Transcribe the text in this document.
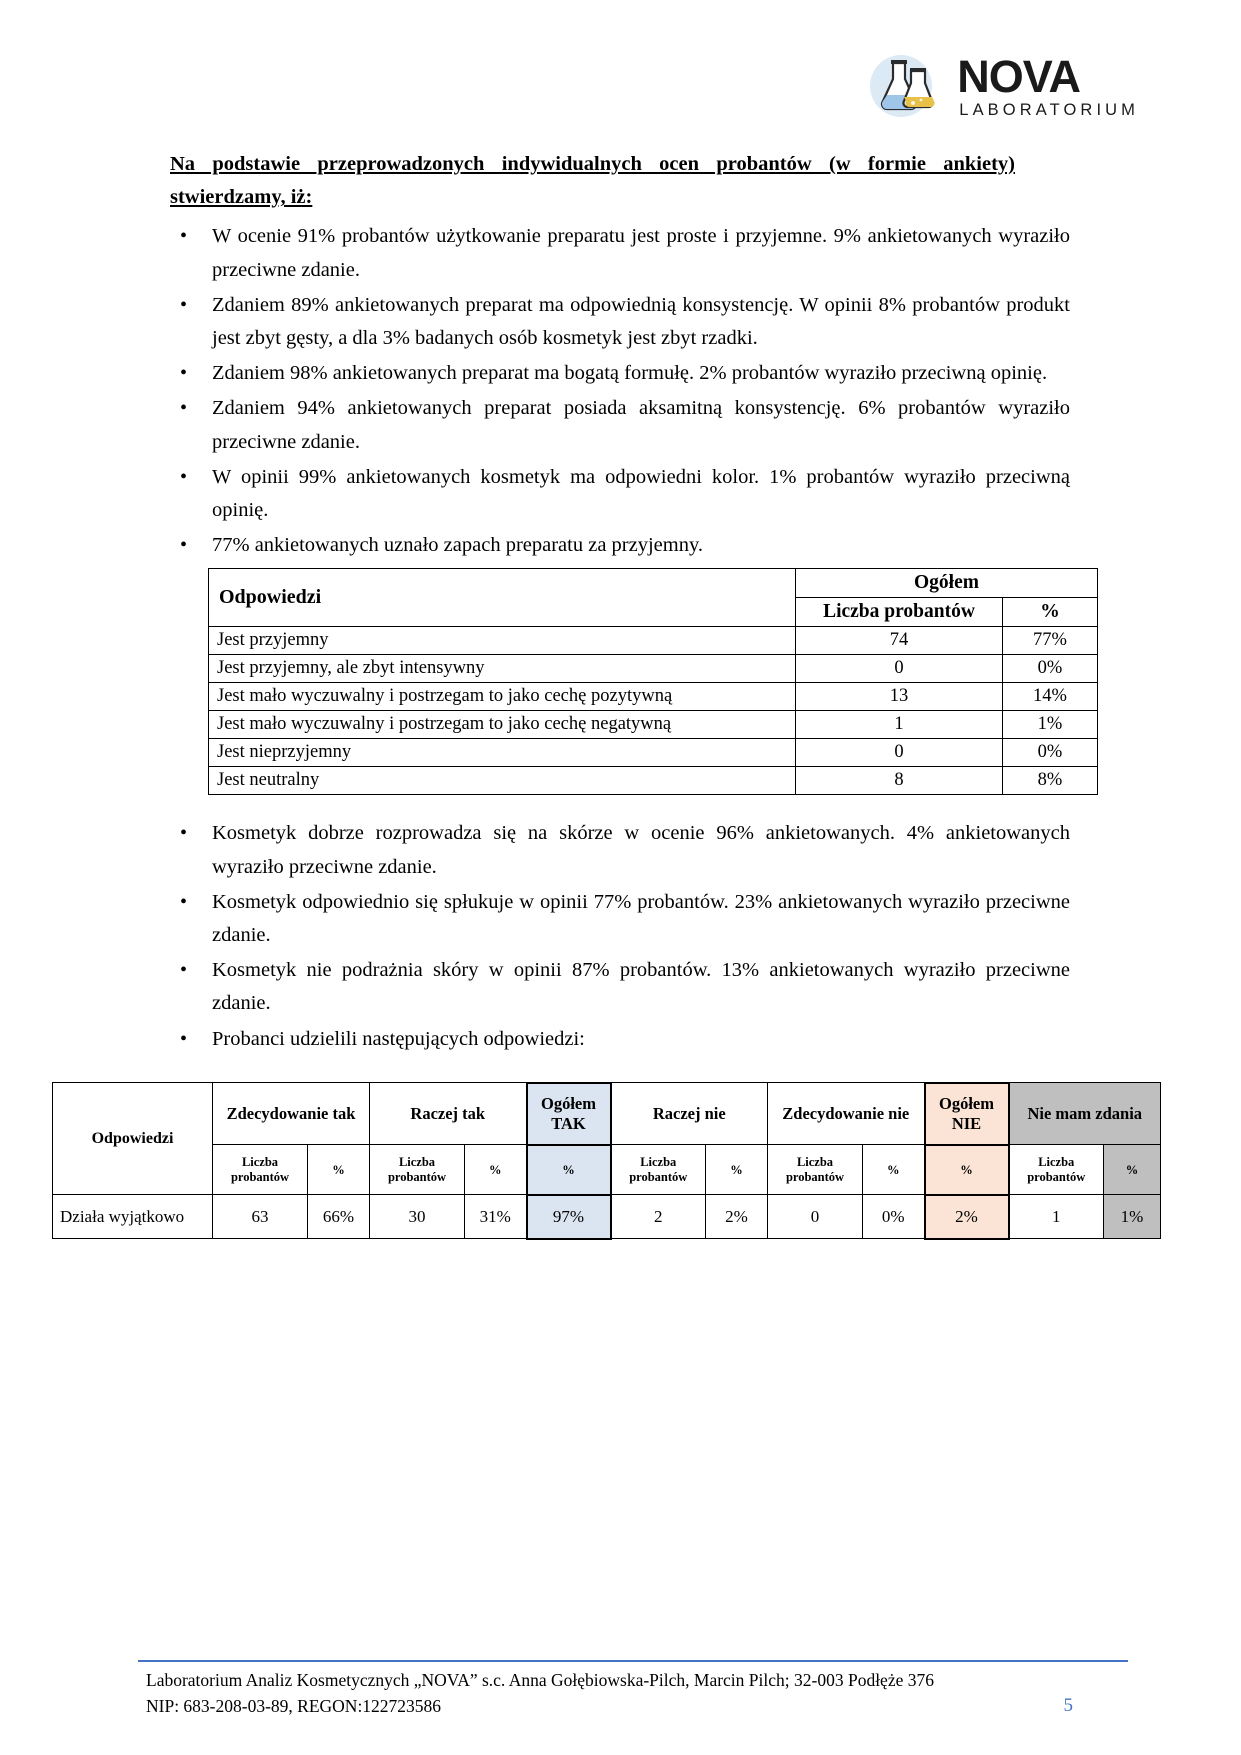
NOVA
LABORATORIUM
Na podstawie przeprowadzonych indywidualnych ocen probantów (w formie ankiety) stwierdzamy, iż:
• W ocenie 91% probantów użytkowanie preparatu jest proste i przyjemne. 9% ankietowanych wyraziło przeciwne zdanie.
• Zdaniem 89% ankietowanych preparat ma odpowiednią konsystencję. W opinii 8% probantów produkt jest zbyt gęsty, a dla 3% badanych osób kosmetyk jest zbyt rzadki.
• Zdaniem 98% ankietowanych preparat ma bogatą formułę. 2% probantów wyraziło przeciwną opinię.
• Zdaniem 94% ankietowanych preparat posiada aksamitną konsystencję. 6% probantów wyraziło przeciwne zdanie.
• W opinii 99% ankietowanych kosmetyk ma odpowiedni kolor. 1% probantów wyraziło przeciwną opinię.
• 77% ankietowanych uznało zapach preparatu za przyjemny.
Odpowiedzi	Ogółem	
	Liczba probantów	%
Jest przyjemny	74	77%
Jest przyjemny, ale zbyt intensywny	0	0%
Jest mało wyczuwalny i postrzegam to jako cechę pozytywną	13	14%
Jest mało wyczuwalny i postrzegam to jako cechę negatywną	1	1%
Jest nieprzyjemny	0	0%
Jest neutralny	8	8%
• Kosmetyk dobrze rozprowadza się na skórze w ocenie 96% ankietowanych. 4% ankietowanych wyraziło przeciwne zdanie.
• Kosmetyk odpowiednio się spłukuje w opinii 77% probantów. 23% ankietowanych wyraziło przeciwne zdanie.
• Kosmetyk nie podrażnia skóry w opinii 87% probantów. 13% ankietowanych wyraziło przeciwne zdanie.
• Probanci udzielili następujących odpowiedzi:
Odpowiedzi	Zdecydowanie tak		Raczej tak		Ogółem TAK	Raczej nie		Zdecydowanie nie		Ogółem NIE	Nie mam zdania	
	Liczba probantów	%	Liczba probantów	%	%	Liczba probantów	%	Liczba probantów	%	%	Liczba probantów	%
Działa wyjątkowo	63	66%	30	31%	97%	2	2%	0	0%	2%	1	1%
Laboratorium Analiz Kosmetycznych „NOVA” s.c. Anna Gołębiowska-Pilch, Marcin Pilch; 32-003 Podłęże 376
NIP: 683-208-03-89, REGON:122723586	5
